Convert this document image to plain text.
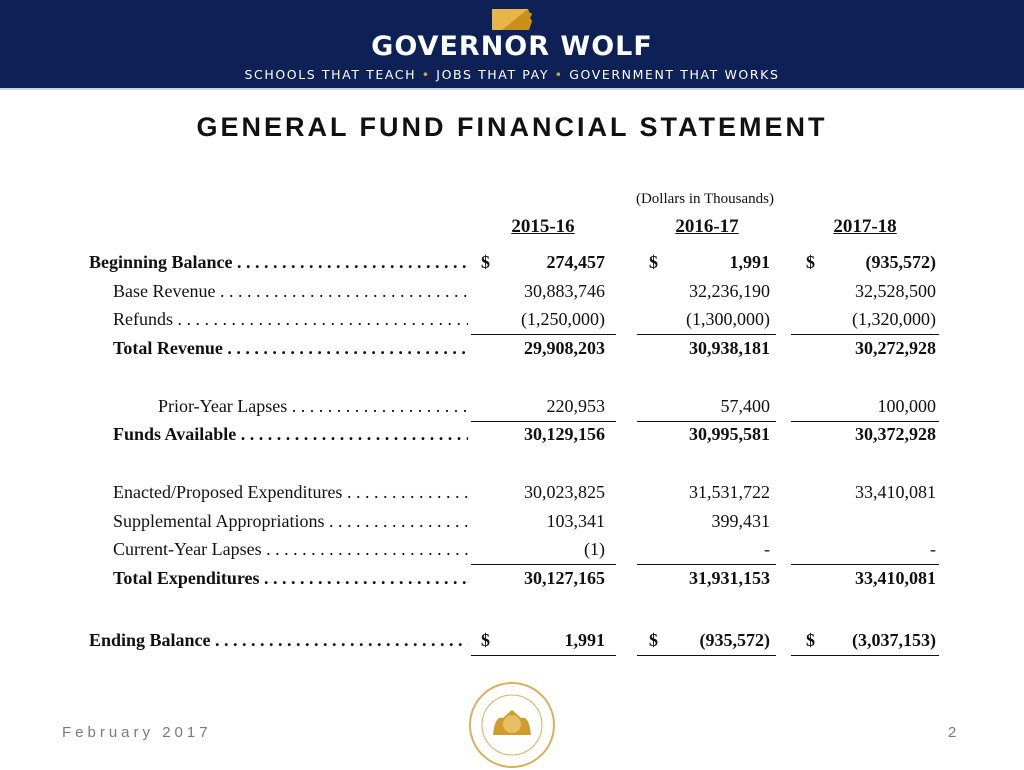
GOVERNOR WOLF
SCHOOLS THAT TEACH • JOBS THAT PAY • GOVERNMENT THAT WORKS
GENERAL FUND FINANCIAL STATEMENT
(Dollars in Thousands)
2015-16	2016-17	2017-18
Beginning Balance . . .	$	274,457	$	1,991	$	(935,572)
Base Revenue . . .	30,883,746	32,236,190	32,528,500
Refunds . . .	(1,250,000)	(1,300,000)	(1,320,000)
Total Revenue . . .	29,908,203	30,938,181	30,272,928
Prior-Year Lapses . . .	220,953	57,400	100,000
Funds Available . . .	30,129,156	30,995,581	30,372,928
Enacted/Proposed Expenditures . . .	30,023,825	31,531,722	33,410,081
Supplemental Appropriations . . .	103,341	399,431
Current-Year Lapses . . .	(1)	-	-
Total Expenditures . . .	30,127,165	31,931,153	33,410,081
Ending Balance . . .	$	1,991	$ (935,572)	$ (3,037,153)
February 2017	2
